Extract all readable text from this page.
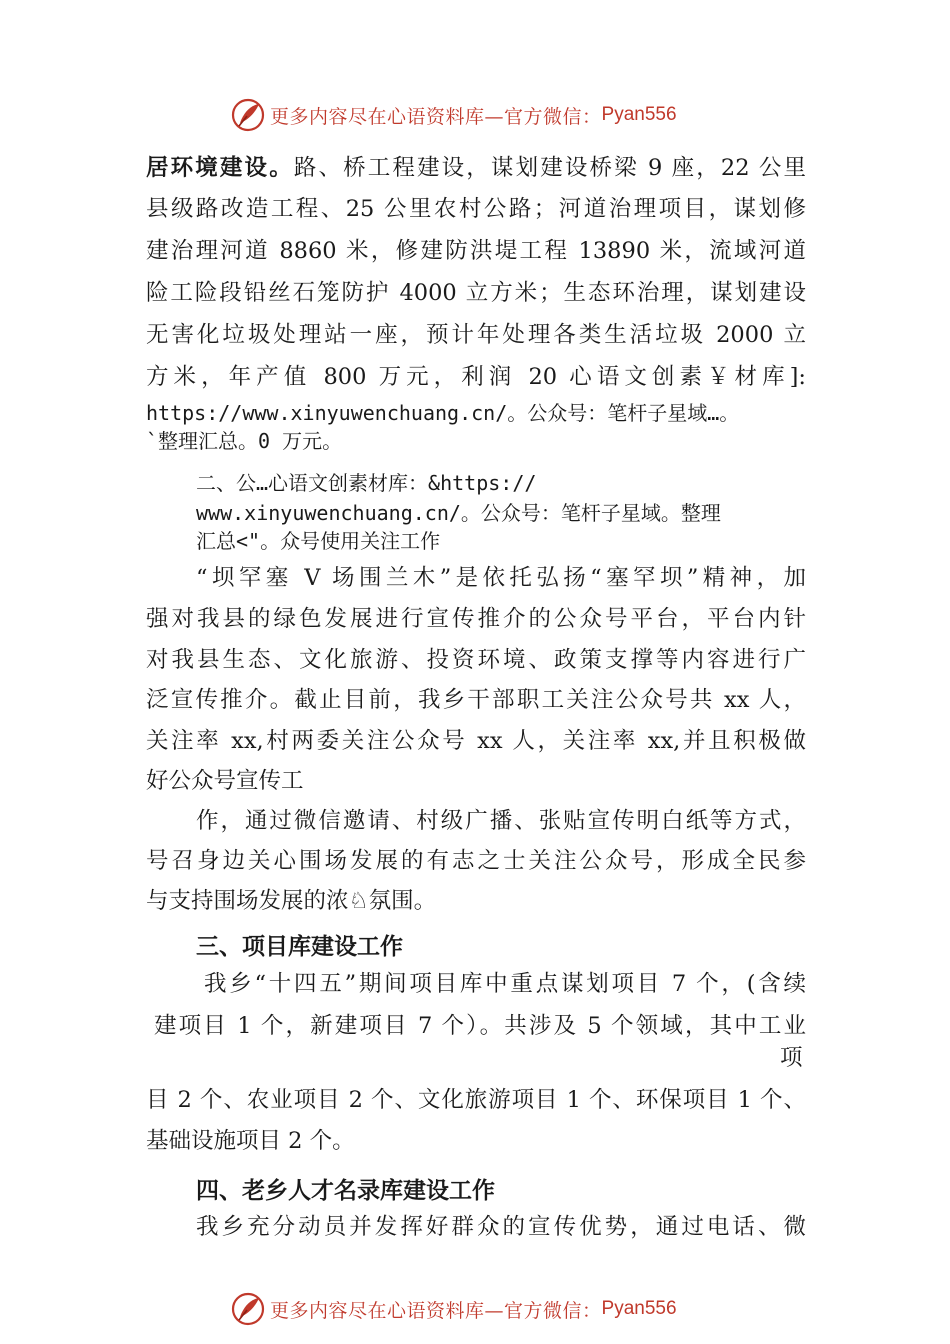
更多内容尽在心语资料库—官方微信： Pyan556
居环境建设。路、桥工程建设，谋划建设桥梁 9 座，22 公里
县级路改造工程、25 公里农村公路；河道治理项目，谋划修
建治理河道 8860 米，修建防洪堤工程 13890 米，流域河道
险工险段铅丝石笼防护 4000 立方米；生态环治理，谋划建设
无害化垃圾处理站一座，预计年处理各类生活垃圾 2000 立
方米，年产值 800 万元，利润 20 心语文创素￥材库]:
https://www.xinyuwenchuang.cn/。公众号：笔杆子星域…。
`整理汇总。0 万元。
二、公…心语文创素材库：&https://
www.xinyuwenchuang.cn/。公众号：笔杆子星域。整理
汇总<"。众号使用关注工作
“坝罕塞 V 场围兰木”是依托弘扬“塞罕坝”精神，加
强对我县的绿色发展进行宣传推介的公众号平台，平台内针
对我县生态、文化旅游、投资环境、政策支撑等内容进行广
泛宣传推介。截止目前，我乡干部职工关注公众号共 xx 人，
关注率 xx,村两委关注公众号 xx 人，关注率 xx,并且积极做
好公众号宣传工
作，通过微信邀请、村级广播、张贴宣传明白纸等方式，
号召身边关心围场发展的有志之士关注公众号，形成全民参
与支持围场发展的浓♘氛围。
三、项目库建设工作
我乡“十四五”期间项目库中重点谋划项目 7 个，(含续
建项目 1 个，新建项目 7 个）。共涉及 5 个领域，其中工业
项
目 2 个、农业项目 2 个、文化旅游项目 1 个、环保项目 1 个、
基础设施项目 2 个。
四、老乡人才名录库建设工作
我乡充分动员并发挥好群众的宣传优势，通过电话、微
更多内容尽在心语资料库—官方微信： Pyan556
